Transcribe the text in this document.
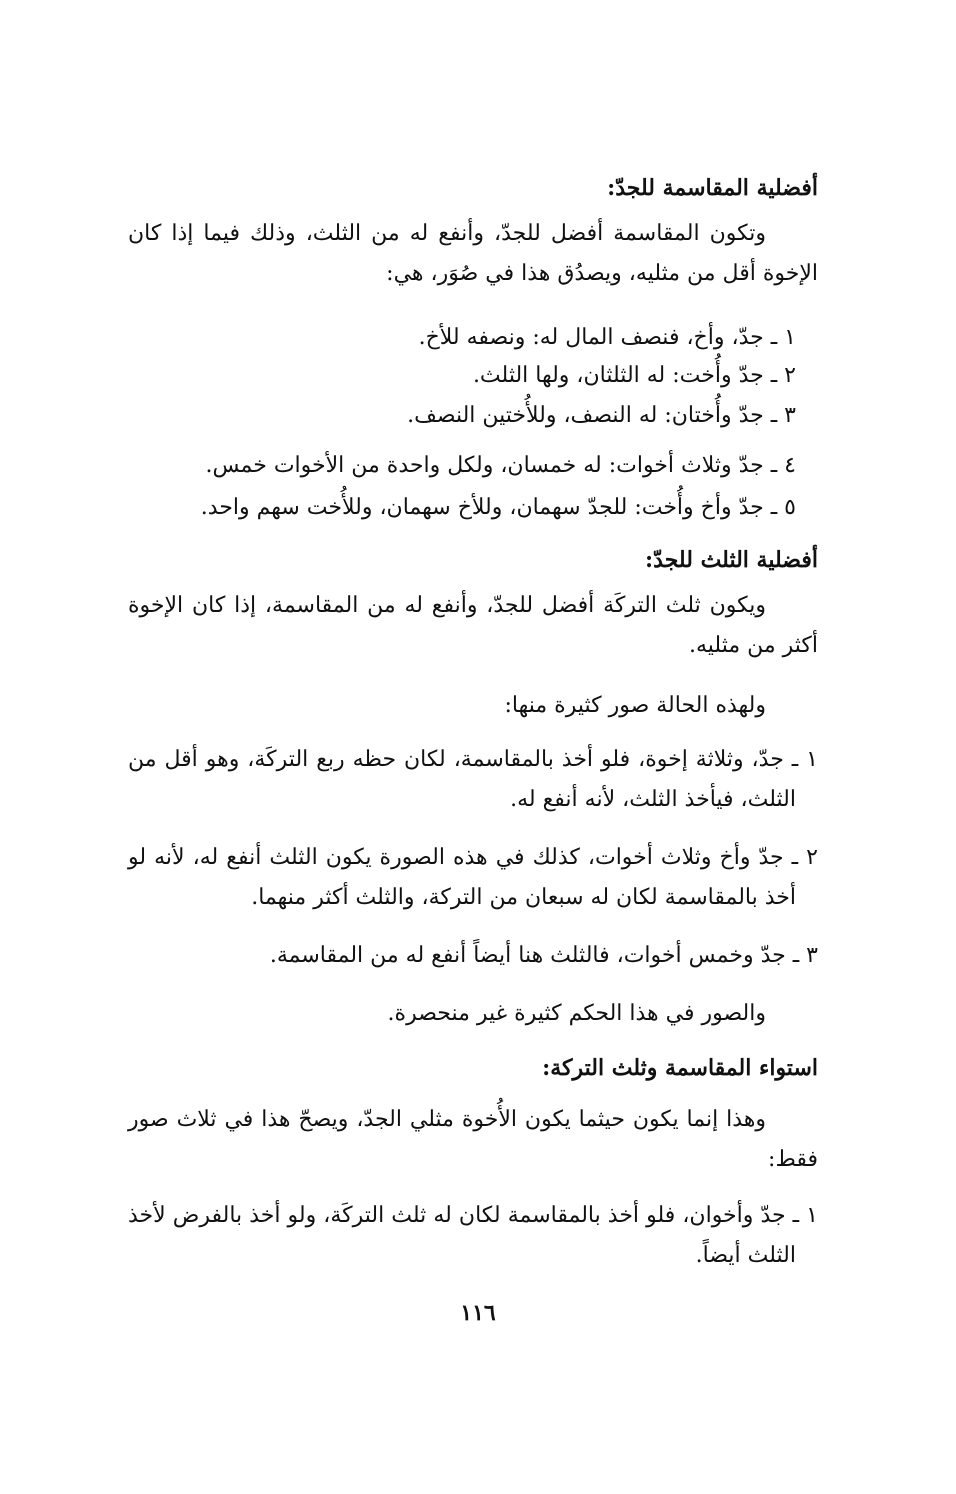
أفضلية المقاسمة للجدّ:
وتكون المقاسمة أفضل للجدّ، وأنفع له من الثلث، وذلك فيما إذا كان الإخوة أقل من مثليه، ويصدُق هذا في صُوَر، هي:
١ ـ جدّ، وأخ، فنصف المال له: ونصفه للأخ.
٢ ـ جدّ وأُخت: له الثلثان، ولها الثلث.
٣ ـ جدّ وأُختان: له النصف، وللأُختين النصف.
٤ ـ جدّ وثلاث أخوات: له خمسان، ولكل واحدة من الأخوات خمس.
٥ ـ جدّ وأخ وأُخت: للجدّ سهمان، وللأخ سهمان، وللأُخت سهم واحد.
أفضلية الثلث للجدّ:
ويكون ثلث التركَة أفضل للجدّ، وأنفع له من المقاسمة، إذا كان الإخوة أكثر من مثليه.
ولهذه الحالة صور كثيرة منها:
١ ـ جدّ، وثلاثة إخوة، فلو أخذ بالمقاسمة، لكان حظه ربع التركَة، وهو أقل من الثلث، فيأخذ الثلث، لأنه أنفع له.
٢ ـ جدّ وأخ وثلاث أخوات، كذلك في هذه الصورة يكون الثلث أنفع له، لأنه لو أخذ بالمقاسمة لكان له سبعان من التركة، والثلث أكثر منهما.
٣ ـ جدّ وخمس أخوات، فالثلث هنا أيضاً أنفع له من المقاسمة.
والصور في هذا الحكم كثيرة غير منحصرة.
استواء المقاسمة وثلث التركة:
وهذا إنما يكون حيثما يكون الأُخوة مثلي الجدّ، ويصحّ هذا في ثلاث صور فقط:
١ ـ جدّ وأخوان، فلو أخذ بالمقاسمة لكان له ثلث التركَة، ولو أخذ بالفرض لأخذ الثلث أيضاً.
١١٦
